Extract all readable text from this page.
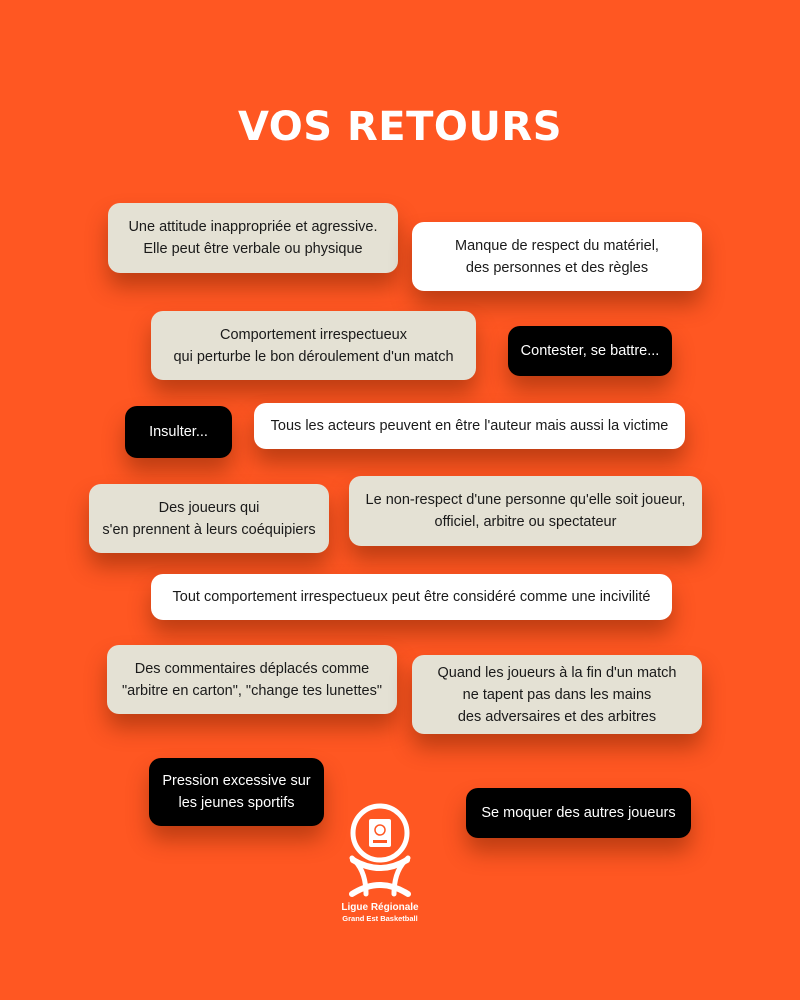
VOS RETOURS
Une attitude inappropriée et agressive.
Elle peut être verbale ou physique	Manque de respect du matériel,
des personnes et des règles
Comportement irrespectueux
qui perturbe le bon déroulement d'un match	Contester, se battre...
Insulter...	Tous les acteurs peuvent en être l'auteur mais aussi la victime
Des joueurs qui
s'en prennent à leurs coéquipiers
Le non-respect d'une personne qu'elle soit joueur,
officiel, arbitre ou spectateur
Tout comportement irrespectueux peut être considéré comme une incivilité
Des commentaires déplacés comme
"arbitre en carton", "change tes lunettes"
Quand les joueurs à la fin d'un match
ne tapent pas dans les mains
des adversaires et des arbitres
Pression excessive sur
les jeunes sportifs
Se moquer des autres joueurs
Ligue Régionale
Grand Est Basketball
